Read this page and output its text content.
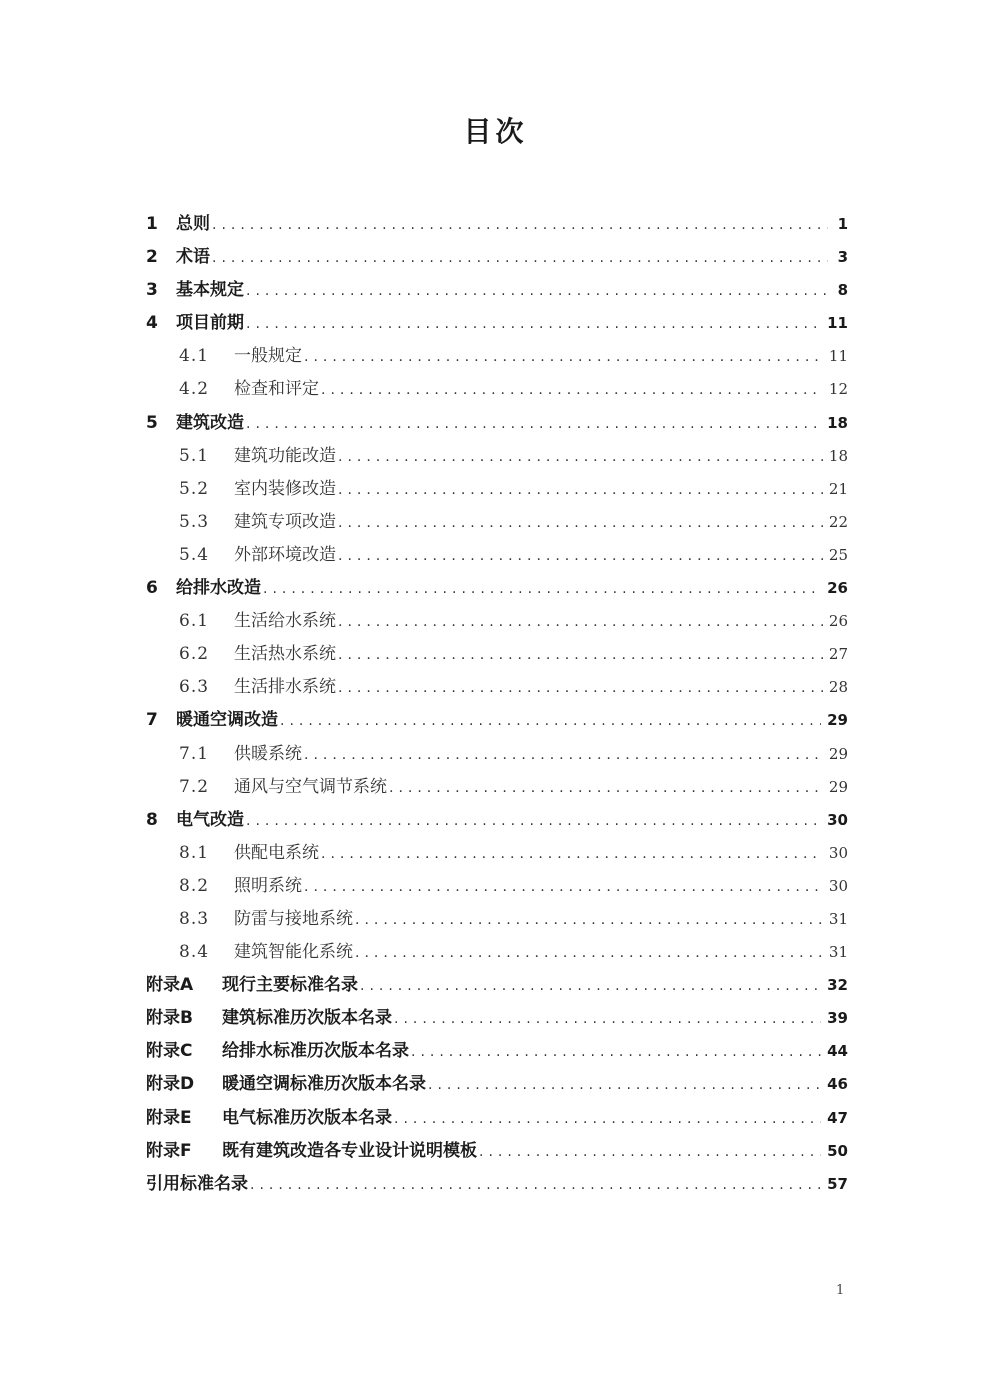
目次
1	总则 .....	1
2	术语 .....	3
3	基本规定 .....	8
4	项目前期 .....	11
4.1	一般规定 .....	11
4.2	检查和评定 .....	12
5	建筑改造 .....	18
5.1	建筑功能改造 .....	18
5.2	室内装修改造 .....	21
5.3	建筑专项改造 .....	22
5.4	外部环境改造 .....	25
6	给排水改造 .....	26
6.1	生活给水系统 .....	26
6.2	生活热水系统 .....	27
6.3	生活排水系统 .....	28
7	暖通空调改造 .....	29
7.1	供暖系统 .....	29
7.2	通风与空气调节系统 .....	29
8	电气改造 .....	30
8.1	供配电系统 .....	30
8.2	照明系统 .....	30
8.3	防雷与接地系统 .....	31
8.4	建筑智能化系统 .....	31
附录A	现行主要标准名录 .....	32
附录B	建筑标准历次版本名录 .....	39
附录C	给排水标准历次版本名录 .....	44
附录D	暖通空调标准历次版本名录 .....	46
附录E	电气标准历次版本名录 .....	47
附录F	既有建筑改造各专业设计说明模板 .....	50
引用标准名录 .....	57
1
